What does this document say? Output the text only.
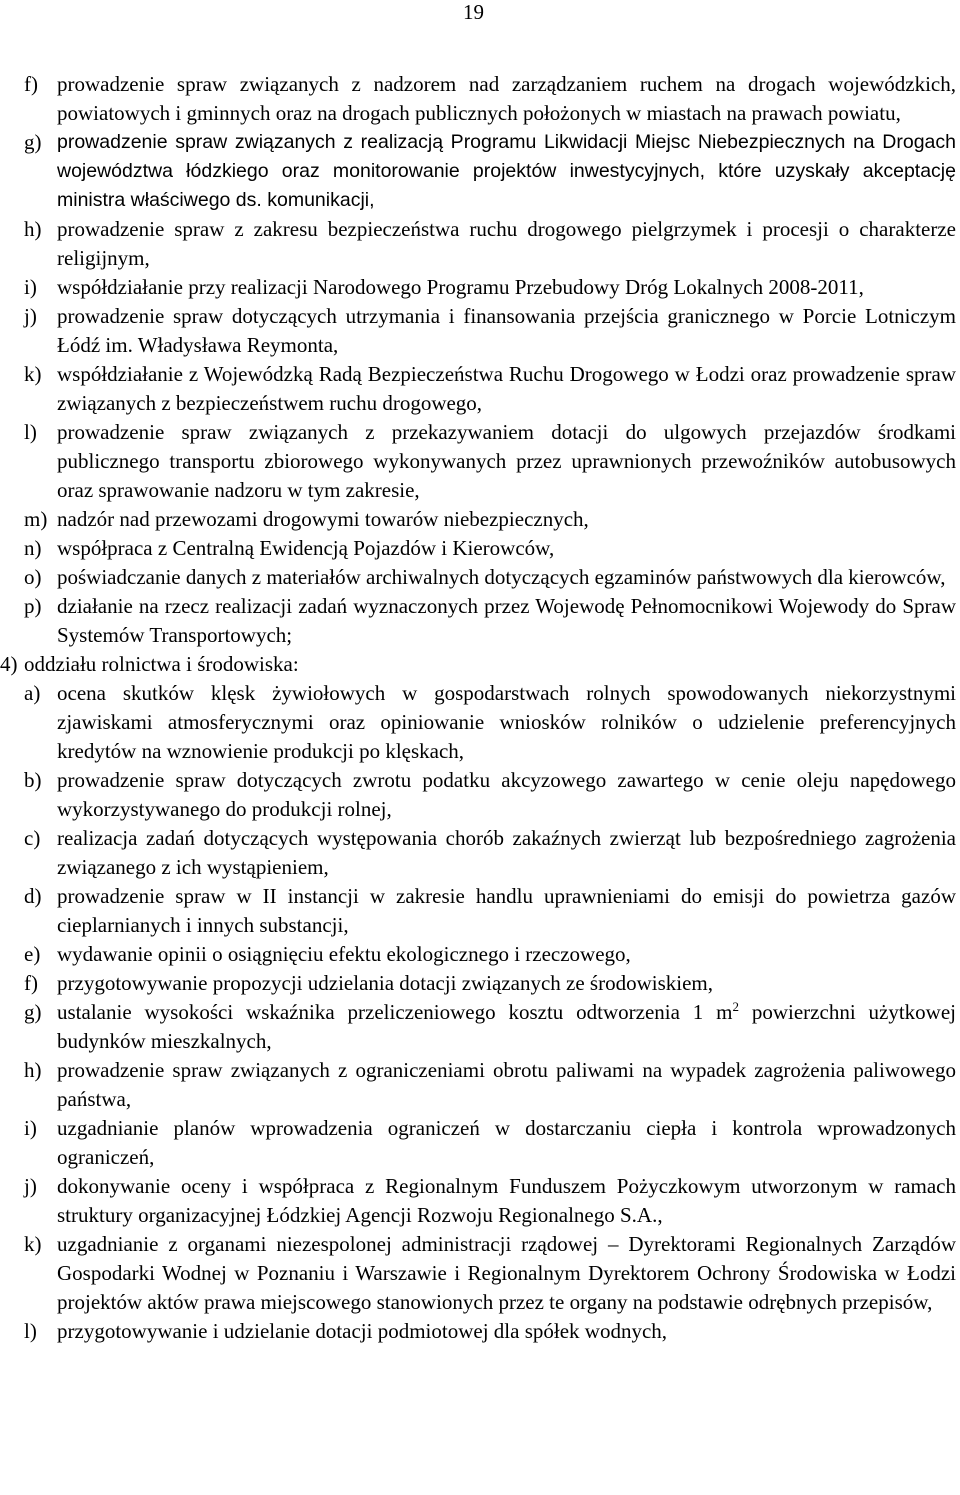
19
f) prowadzenie spraw związanych z nadzorem nad zarządzaniem ruchem na drogach wojewódzkich, powiatowych i gminnych oraz na drogach publicznych położonych w miastach na prawach powiatu,
g) prowadzenie spraw związanych z realizacją Programu Likwidacji Miejsc Niebezpiecznych na Drogach województwa łódzkiego oraz monitorowanie projektów inwestycyjnych, które uzyskały akceptację ministra właściwego ds. komunikacji,
h) prowadzenie spraw z zakresu bezpieczeństwa ruchu drogowego pielgrzymek i procesji o charakterze religijnym,
i) współdziałanie przy realizacji Narodowego Programu Przebudowy Dróg Lokalnych 2008-2011,
j) prowadzenie spraw dotyczących utrzymania i finansowania przejścia granicznego w Porcie Lotniczym Łódź im. Władysława Reymonta,
k) współdziałanie z Wojewódzką Radą Bezpieczeństwa Ruchu Drogowego w Łodzi oraz prowadzenie spraw związanych z bezpieczeństwem ruchu drogowego,
l) prowadzenie spraw związanych z przekazywaniem dotacji do ulgowych przejazdów środkami publicznego transportu zbiorowego wykonywanych przez uprawnionych przewoźników autobusowych oraz sprawowanie nadzoru w tym zakresie,
m) nadzór nad przewozami drogowymi towarów niebezpiecznych,
n) współpraca z Centralną Ewidencją Pojazdów i Kierowców,
o) poświadczanie danych z materiałów archiwalnych dotyczących egzaminów państwowych dla kierowców,
p) działanie na rzecz realizacji zadań wyznaczonych przez Wojewodę Pełnomocnikowi Wojewody do Spraw Systemów Transportowych;
4) oddziału rolnictwa i środowiska:
a) ocena skutków klęsk żywiołowych w gospodarstwach rolnych spowodowanych niekorzystnymi zjawiskami atmosferycznymi oraz opiniowanie wniosków rolników o udzielenie preferencyjnych kredytów na wznowienie produkcji po klęskach,
b) prowadzenie spraw dotyczących zwrotu podatku akcyzowego zawartego w cenie oleju napędowego wykorzystywanego do produkcji rolnej,
c) realizacja zadań dotyczących występowania chorób zakaźnych zwierząt lub bezpośredniego zagrożenia związanego z ich wystąpieniem,
d) prowadzenie spraw w II instancji w zakresie handlu uprawnieniami do emisji do powietrza gazów cieplarnianych i innych substancji,
e) wydawanie opinii o osiągnięciu efektu ekologicznego i rzeczowego,
f) przygotowywanie propozycji udzielania dotacji związanych ze środowiskiem,
g) ustalanie wysokości wskaźnika przeliczeniowego kosztu odtworzenia 1 $m^2$ powierzchni użytkowej budynków mieszkalnych,
h) prowadzenie spraw związanych z ograniczeniami obrotu paliwami na wypadek zagrożenia paliwowego państwa,
i) uzgadnianie planów wprowadzenia ograniczeń w dostarczaniu ciepła i kontrola wprowadzonych ograniczeń,
j) dokonywanie oceny i współpraca z Regionalnym Funduszem Pożyczkowym utworzonym w ramach struktury organizacyjnej Łódzkiej Agencji Rozwoju Regionalnego S.A.,
k) uzgadnianie z organami niezespolonej administracji rządowej – Dyrektorami Regionalnych Zarządów Gospodarki Wodnej w Poznaniu i Warszawie i Regionalnym Dyrektorem Ochrony Środowiska w Łodzi projektów aktów prawa miejscowego stanowionych przez te organy na podstawie odrębnych przepisów,
l) przygotowywanie i udzielanie dotacji podmiotowej dla spółek wodnych,
